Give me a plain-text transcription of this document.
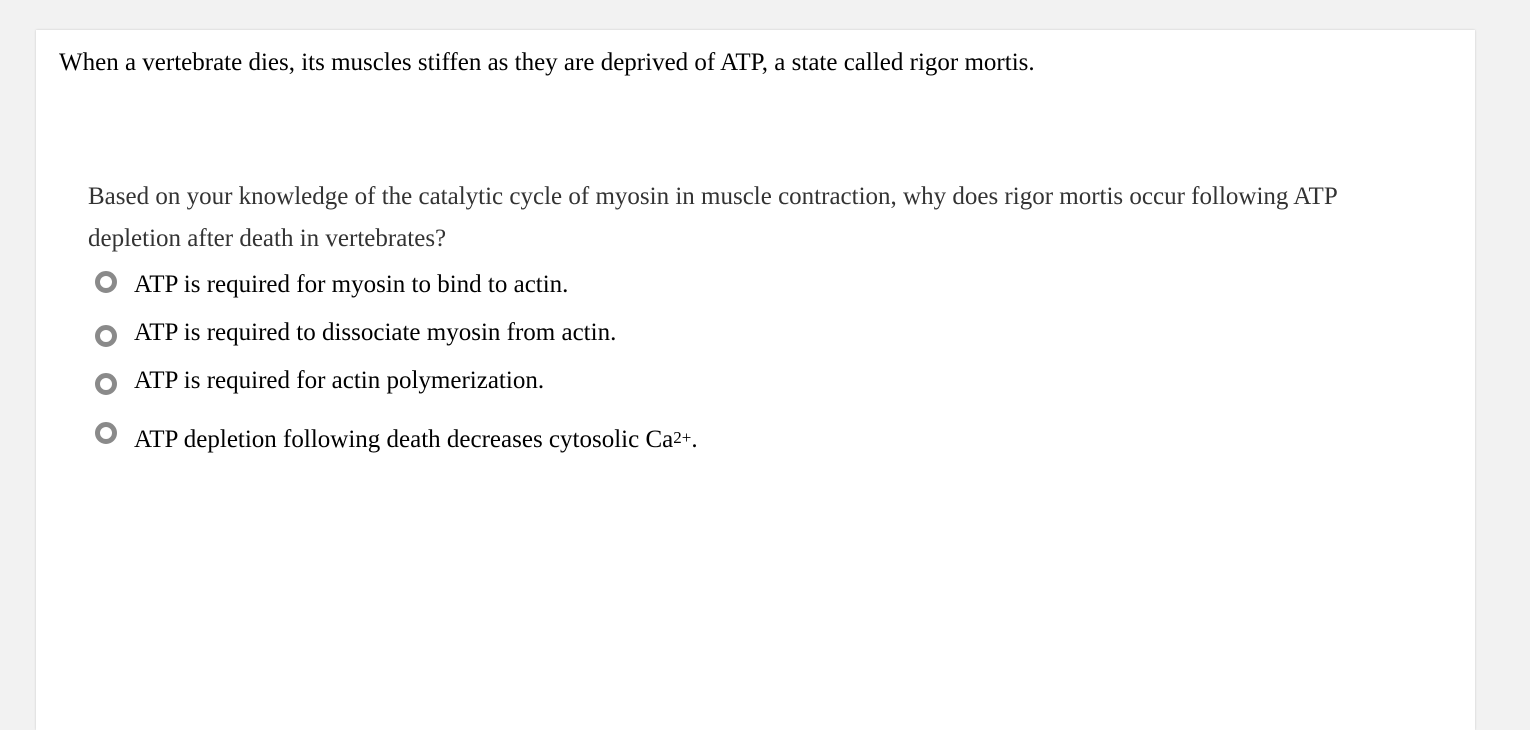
When a vertebrate dies, its muscles stiffen as they are deprived of ATP, a state called rigor mortis.

Based on your knowledge of the catalytic cycle of myosin in muscle contraction, why does rigor mortis occur following ATP depletion after death in vertebrates?

ATP is required for myosin to bind to actin.
ATP is required to dissociate myosin from actin.
ATP is required for actin polymerization.
ATP depletion following death decreases cytosolic $Ca^{2+}$.
